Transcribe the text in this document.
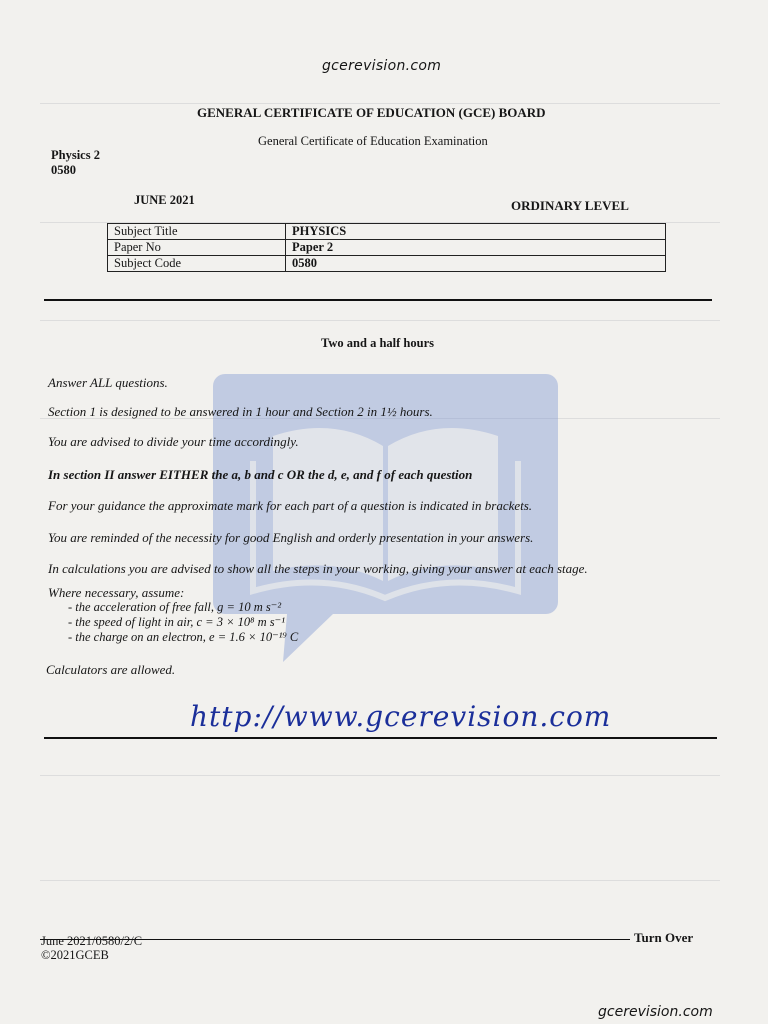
gcerevision.com
GENERAL CERTIFICATE OF EDUCATION (GCE) BOARD
General Certificate of Education Examination
Physics 2
0580
JUNE 2021	ORDINARY LEVEL
Subject Title	PHYSICS
Paper No	Paper 2
Subject Code	0580
Two and a half hours
Answer ALL questions.
Section 1 is designed to be answered in 1 hour and Section 2 in 1½ hours.
You are advised to divide your time accordingly.
In section II answer EITHER the a, b and c OR the d, e, and f of each question
For your guidance the approximate mark for each part of a question is indicated in brackets.
You are reminded of the necessity for good English and orderly presentation in your answers.
In calculations you are advised to show all the steps in your working, giving your answer at each stage.
Where necessary, assume:
- the acceleration of free fall, g = 10 m s⁻²
- the speed of light in air, c = 3 × 10⁸ m s⁻¹
- the charge on an electron, e = 1.6 × 10⁻¹⁹ C
Calculators are allowed.
http://www.gcerevision.com
June 2021/0580/2/C
©2021GCEB
Turn Over
gcerevision.com
